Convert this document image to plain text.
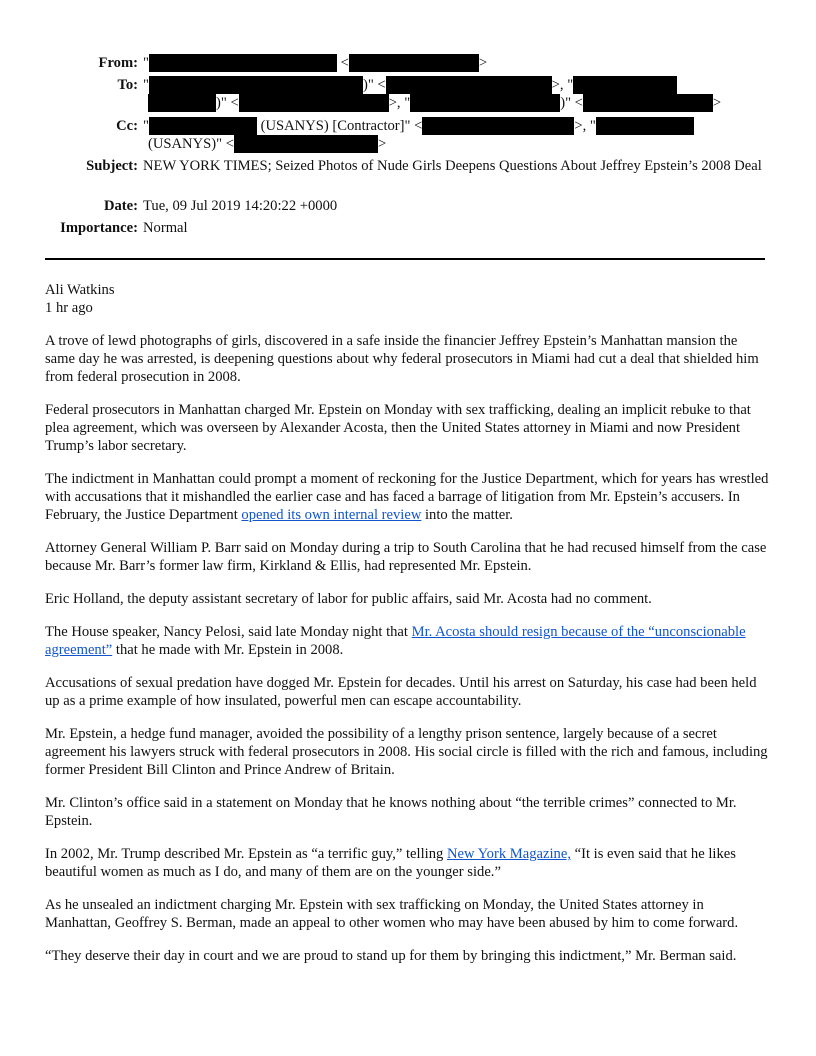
From: "	<	>
To: "	)" <	>, "
)" <	>, "	)" <	>
Cc: "	(USANYS) [Contractor]" <	>, "
(USANYS)" <	>
Subject: NEW YORK TIMES; Seized Photos of Nude Girls Deepens Questions About Jeffrey Epstein’s 2008 Deal
Date: Tue, 09 Jul 2019 14:20:22 +0000
Importance: Normal
Ali Watkins
1 hr ago

A trove of lewd photographs of girls, discovered in a safe inside the financier Jeffrey Epstein’s Manhattan mansion the same day he was arrested, is deepening questions about why federal prosecutors in Miami had cut a deal that shielded him from federal prosecution in 2008.

Federal prosecutors in Manhattan charged Mr. Epstein on Monday with sex trafficking, dealing an implicit rebuke to that plea agreement, which was overseen by Alexander Acosta, then the United States attorney in Miami and now President Trump’s labor secretary.

The indictment in Manhattan could prompt a moment of reckoning for the Justice Department, which for years has wrestled with accusations that it mishandled the earlier case and has faced a barrage of litigation from Mr. Epstein’s accusers. In February, the Justice Department opened its own internal review into the matter.

Attorney General William P. Barr said on Monday during a trip to South Carolina that he had recused himself from the case because Mr. Barr’s former law firm, Kirkland & Ellis, had represented Mr. Epstein.

Eric Holland, the deputy assistant secretary of labor for public affairs, said Mr. Acosta had no comment.

The House speaker, Nancy Pelosi, said late Monday night that Mr. Acosta should resign because of the “unconscionable agreement” that he made with Mr. Epstein in 2008.

Accusations of sexual predation have dogged Mr. Epstein for decades. Until his arrest on Saturday, his case had been held up as a prime example of how insulated, powerful men can escape accountability.

Mr. Epstein, a hedge fund manager, avoided the possibility of a lengthy prison sentence, largely because of a secret agreement his lawyers struck with federal prosecutors in 2008. His social circle is filled with the rich and famous, including former President Bill Clinton and Prince Andrew of Britain.

Mr. Clinton’s office said in a statement on Monday that he knows nothing about “the terrible crimes” connected to Mr. Epstein.

In 2002, Mr. Trump described Mr. Epstein as “a terrific guy,” telling New York Magazine, “It is even said that he likes beautiful women as much as I do, and many of them are on the younger side.”

As he unsealed an indictment charging Mr. Epstein with sex trafficking on Monday, the United States attorney in Manhattan, Geoffrey S. Berman, made an appeal to other women who may have been abused by him to come forward.

“They deserve their day in court and we are proud to stand up for them by bringing this indictment,” Mr. Berman said.
